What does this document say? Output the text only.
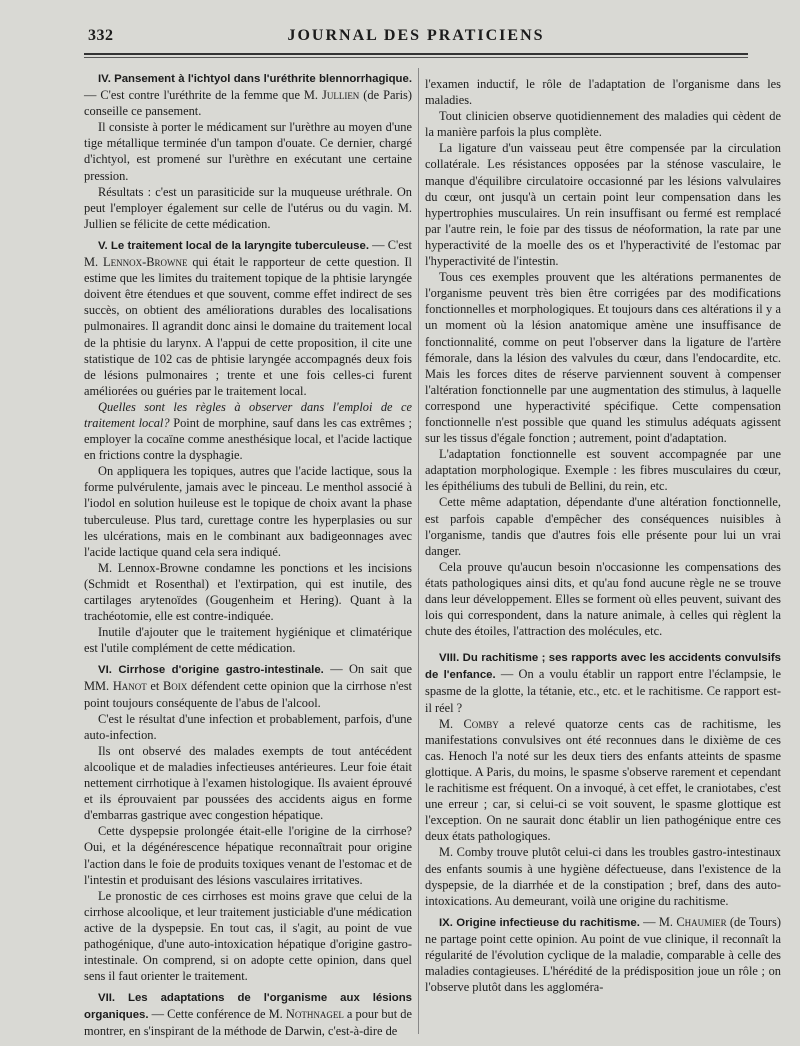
332	JOURNAL DES PRATICIENS

IV. Pansement à l'ichtyol dans l'uréthrite blennorrhagique. — C'est contre l'uréthrite de la femme que M. Jullien (de Paris) conseille ce pansement.

Il consiste à porter le médicament sur l'urèthre au moyen d'une tige métallique terminée d'un tampon d'ouate. Ce dernier, chargé d'ichtyol, est promené sur l'urèthre en exécutant une certaine pression.

Résultats : c'est un parasiticide sur la muqueuse uréthrale. On peut l'employer également sur celle de l'utérus ou du vagin. M. Jullien se félicite de cette médication.

V. Le traitement local de la laryngite tuberculeuse. — C'est M. Lennox-Browne qui était le rapporteur de cette question. Il estime que les limites du traitement topique de la phtisie laryngée doivent être étendues et que souvent, comme effet indirect de ses succès, on obtient des améliorations durables des localisations pulmonaires. Il agrandit donc ainsi le domaine du traitement local de la phtisie du larynx. A l'appui de cette proposition, il cite une statistique de 102 cas de phtisie laryngée accompagnés deux fois de lésions pulmonaires ; trente et une fois celles-ci furent améliorées ou guéries par le traitement local.

Quelles sont les règles à observer dans l'emploi de ce traitement local? Point de morphine, sauf dans les cas extrêmes ; employer la cocaïne comme anesthésique local, et l'acide lactique en frictions contre la dysphagie.

On appliquera les topiques, autres que l'acide lactique, sous la forme pulvérulente, jamais avec le pinceau. Le menthol associé à l'iodol en solution huileuse est le topique de choix avant la phase tuberculeuse. Plus tard, curettage contre les hyperplasies ou sur les ulcérations, mais en le combinant aux badigeonnages avec l'acide lactique quand cela sera indiqué.

M. Lennox-Browne condamne les ponctions et les incisions (Schmidt et Rosenthal) et l'extirpation, qui est inutile, des cartilages arytenoïdes (Gougenheim et Hering). Quant à la trachéotomie, elle est contre-indiquée.

Inutile d'ajouter que le traitement hygiénique et climatérique est l'utile complément de cette médication.

VI. Cirrhose d'origine gastro-intestinale. — On sait que MM. Hanot et Boix défendent cette opinion que la cirrhose n'est point toujours conséquente de l'abus de l'alcool.

C'est le résultat d'une infection et probablement, parfois, d'une auto-infection.

Ils ont observé des malades exempts de tout antécédent alcoolique et de maladies infectieuses antérieures. Leur foie était nettement cirrhotique à l'examen histologique. Ils avaient éprouvé et ils éprouvaient par poussées des accidents aigus en forme d'embarras gastrique avec congestion hépatique.

Cette dyspepsie prolongée était-elle l'origine de la cirrhose? Oui, et la dégénérescence hépatique reconnaîtrait pour origine l'action dans le foie de produits toxiques venant de l'estomac et de l'intestin et produisant des lésions vasculaires irritatives.

Le pronostic de ces cirrhoses est moins grave que celui de la cirrhose alcoolique, et leur traitement justiciable d'une médication active de la dyspepsie. En tout cas, il s'agit, au point de vue pathogénique, d'une auto-intoxication hépatique d'origine gastro-intestinale. On comprend, si on adopte cette opinion, dans quel sens il faut orienter le traitement.

VII. Les adaptations de l'organisme aux lésions organiques. — Cette conférence de M. Nothnagel a pour but de montrer, en s'inspirant de la méthode de Darwin, c'est-à-dire de

l'examen inductif, le rôle de l'adaptation de l'organisme dans les maladies.

Tout clinicien observe quotidiennement des maladies qui cèdent de la manière parfois la plus complète.

La ligature d'un vaisseau peut être compensée par la circulation collatérale. Les résistances opposées par la sténose vasculaire, le manque d'équilibre circulatoire occasionné par les lésions valvulaires du cœur, ont jusqu'à un certain point leur compensation dans les hypertrophies musculaires. Un rein insuffisant ou fermé est remplacé par l'autre rein, le foie par des tissus de néoformation, la rate par une hyperactivité de la moelle des os et l'hyperactivité de l'estomac par l'hyperactivité de l'intestin.

Tous ces exemples prouvent que les altérations permanentes de l'organisme peuvent très bien être corrigées par des modifications fonctionnelles et morphologiques. Et toujours dans ces altérations il y a un moment où la lésion anatomique amène une insuffisance de fonctionnalité, comme on peut l'observer dans la ligature de l'artère fémorale, dans la lésion des valvules du cœur, dans l'endocardite, etc. Mais les forces dites de réserve parviennent souvent à compenser l'altération fonctionnelle par une augmentation des stimulus, à laquelle correspond une hyperactivité spécifique. Cette compensation fonctionnelle n'est possible que quand les stimulus adéquats agissent sur les tissus d'égale fonction ; autrement, point d'adaptation.

L'adaptation fonctionnelle est souvent accompagnée par une adaptation morphologique. Exemple : les fibres musculaires du cœur, les épithéliums des tubuli de Bellini, du rein, etc.

Cette même adaptation, dépendante d'une altération fonctionnelle, est parfois capable d'empêcher des conséquences nuisibles à l'organisme, tandis que d'autres fois elle présente pour lui un vrai danger.

Cela prouve qu'aucun besoin n'occasionne les compensations des états pathologiques ainsi dits, et qu'au fond aucune règle ne se trouve dans leur développement. Elles se forment où elles peuvent, suivant des lois qui correspondent, dans la nature animale, à celles qui règlent la chute des étoiles, l'attraction des molécules, etc.

VIII. Du rachitisme ; ses rapports avec les accidents convulsifs de l'enfance. — On a voulu établir un rapport entre l'éclampsie, le spasme de la glotte, la tétanie, etc., etc. et le rachitisme. Ce rapport est-il réel ?

M. Comby a relevé quatorze cents cas de rachitisme, les manifestations convulsives ont été reconnues dans le dixième de ces cas. Henoch l'a noté sur les deux tiers des enfants atteints de spasme glottique. A Paris, du moins, le spasme s'observe rarement et cependant le rachitisme est fréquent. On a invoqué, à cet effet, le craniotabes, c'est une erreur ; car, si celui-ci se voit souvent, le spasme glottique est l'exception. On ne saurait donc établir un lien pathogénique entre ces deux états pathologiques.

M. Comby trouve plutôt celui-ci dans les troubles gastro-intestinaux des enfants soumis à une hygiène défectueuse, dans l'existence de la dyspepsie, de la diarrhée et de la constipation ; bref, dans des auto-intoxications. Au demeurant, voilà une origine du rachitisme.

IX. Origine infectieuse du rachitisme. — M. Chaumier (de Tours) ne partage point cette opinion. Au point de vue clinique, il reconnaît la régularité de l'évolution cyclique de la maladie, comparable à celle des maladies contagieuses. L'hérédité de la prédisposition joue un rôle ; on l'observe plutôt dans les aggloméra-
